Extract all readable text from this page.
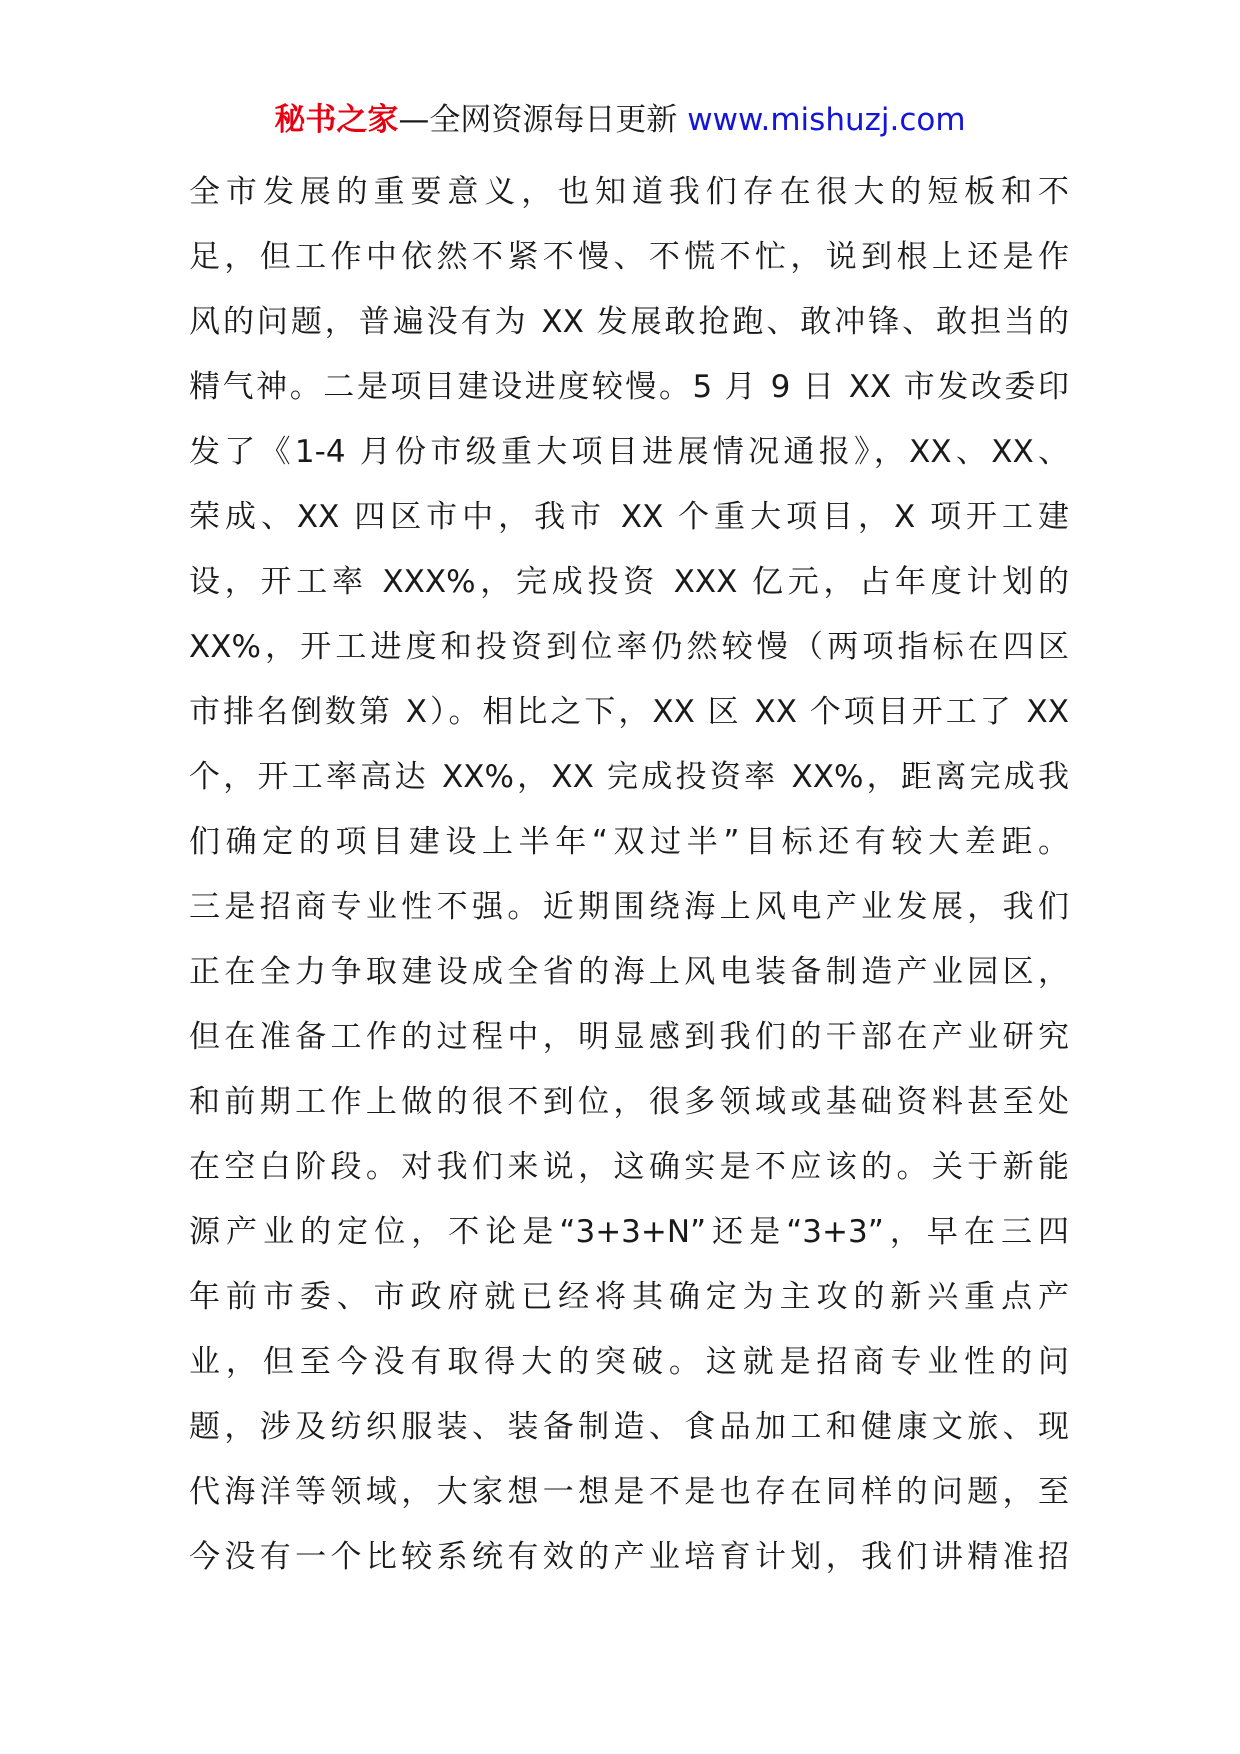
秘书之家—全网资源每日更新 www.mishuzj.com
全市发展的重要意义，也知道我们存在很大的短板和不
足，但工作中依然不紧不慢、不慌不忙，说到根上还是作
风的问题，普遍没有为 XX 发展敢抢跑、敢冲锋、敢担当的
精气神。二是项目建设进度较慢。5 月 9 日 XX 市发改委印
发了《1-4 月份市级重大项目进展情况通报》，XX、XX、
荣成、XX 四区市中，我市 XX 个重大项目，X 项开工建
设，开工率 XXX%，完成投资 XXX 亿元，占年度计划的
XX%，开工进度和投资到位率仍然较慢（两项指标在四区
市排名倒数第 X）。相比之下，XX 区 XX 个项目开工了 XX
个，开工率高达 XX%，XX 完成投资率 XX%，距离完成我
们确定的项目建设上半年“双过半”目标还有较大差距。
三是招商专业性不强。近期围绕海上风电产业发展，我们
正在全力争取建设成全省的海上风电装备制造产业园区，
但在准备工作的过程中，明显感到我们的干部在产业研究
和前期工作上做的很不到位，很多领域或基础资料甚至处
在空白阶段。对我们来说，这确实是不应该的。关于新能
源产业的定位，不论是“3+3+N”还是“3+3”，早在三四
年前市委、市政府就已经将其确定为主攻的新兴重点产
业，但至今没有取得大的突破。这就是招商专业性的问
题，涉及纺织服装、装备制造、食品加工和健康文旅、现
代海洋等领域，大家想一想是不是也存在同样的问题，至
今没有一个比较系统有效的产业培育计划，我们讲精准招
